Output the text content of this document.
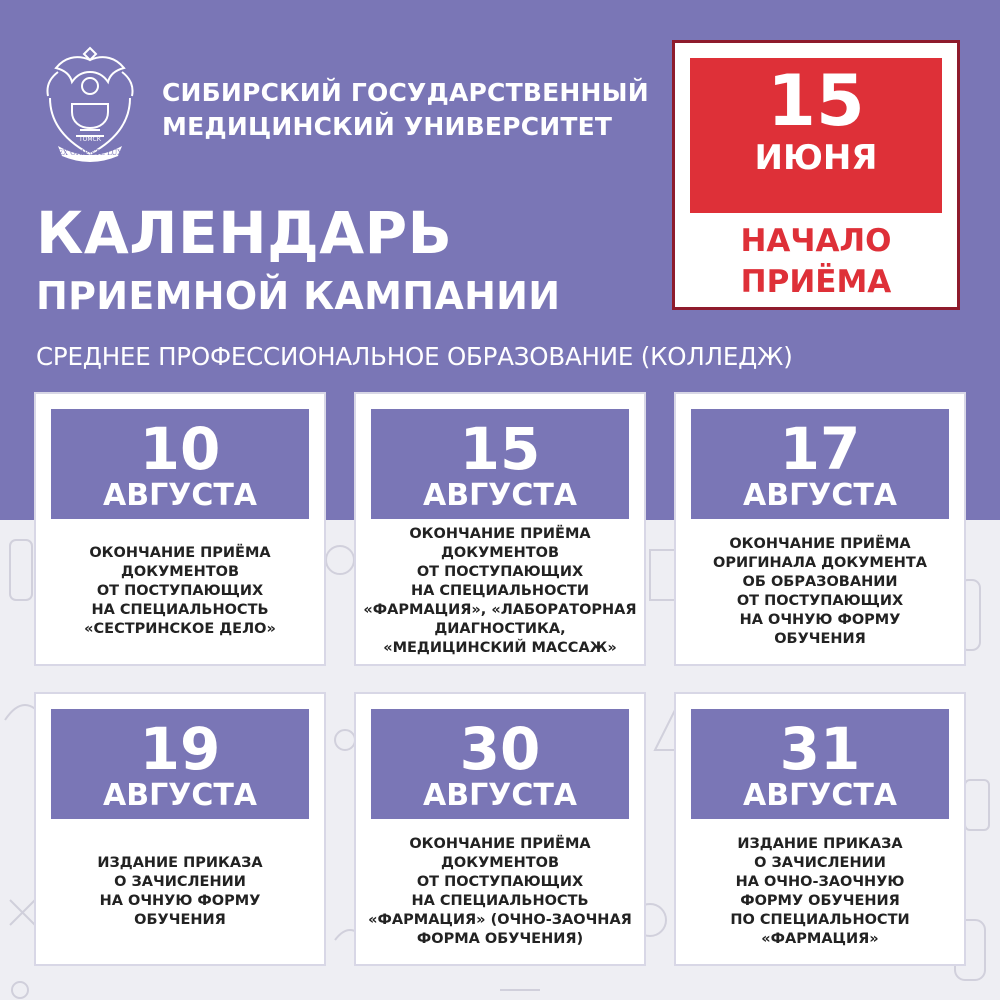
ТОМСК
EX ORIENTE LUX
СИБИРСКИЙ ГОСУДАРСТВЕННЫЙ
МЕДИЦИНСКИЙ УНИВЕРСИТЕТ
КАЛЕНДАРЬ
ПРИЕМНОЙ КАМПАНИИ
СРЕДНЕЕ ПРОФЕССИОНАЛЬНОЕ ОБРАЗОВАНИЕ (КОЛЛЕДЖ)
15
ИЮНЯ
НАЧАЛО
ПРИЁМА
10
АВГУСТА
ОКОНЧАНИЕ ПРИЁМА
ДОКУМЕНТОВ
ОТ ПОСТУПАЮЩИХ
НА СПЕЦИАЛЬНОСТЬ
«СЕСТРИНСКОЕ ДЕЛО»
15
АВГУСТА
ОКОНЧАНИЕ ПРИЁМА
ДОКУМЕНТОВ
ОТ ПОСТУПАЮЩИХ
НА СПЕЦИАЛЬНОСТИ
«ФАРМАЦИЯ», «ЛАБОРАТОРНАЯ
ДИАГНОСТИКА,
«МЕДИЦИНСКИЙ МАССАЖ»
17
АВГУСТА
ОКОНЧАНИЕ ПРИЁМА
ОРИГИНАЛА ДОКУМЕНТА
ОБ ОБРАЗОВАНИИ
ОТ ПОСТУПАЮЩИХ
НА ОЧНУЮ ФОРМУ
ОБУЧЕНИЯ
19
АВГУСТА
ИЗДАНИЕ ПРИКАЗА
О ЗАЧИСЛЕНИИ
НА ОЧНУЮ ФОРМУ
ОБУЧЕНИЯ
30
АВГУСТА
ОКОНЧАНИЕ ПРИЁМА
ДОКУМЕНТОВ
ОТ ПОСТУПАЮЩИХ
НА СПЕЦИАЛЬНОСТЬ
«ФАРМАЦИЯ» (ОЧНО-ЗАОЧНАЯ
ФОРМА ОБУЧЕНИЯ)
31
АВГУСТА
ИЗДАНИЕ ПРИКАЗА
О ЗАЧИСЛЕНИИ
НА ОЧНО-ЗАОЧНУЮ
ФОРМУ ОБУЧЕНИЯ
ПО СПЕЦИАЛЬНОСТИ
«ФАРМАЦИЯ»
